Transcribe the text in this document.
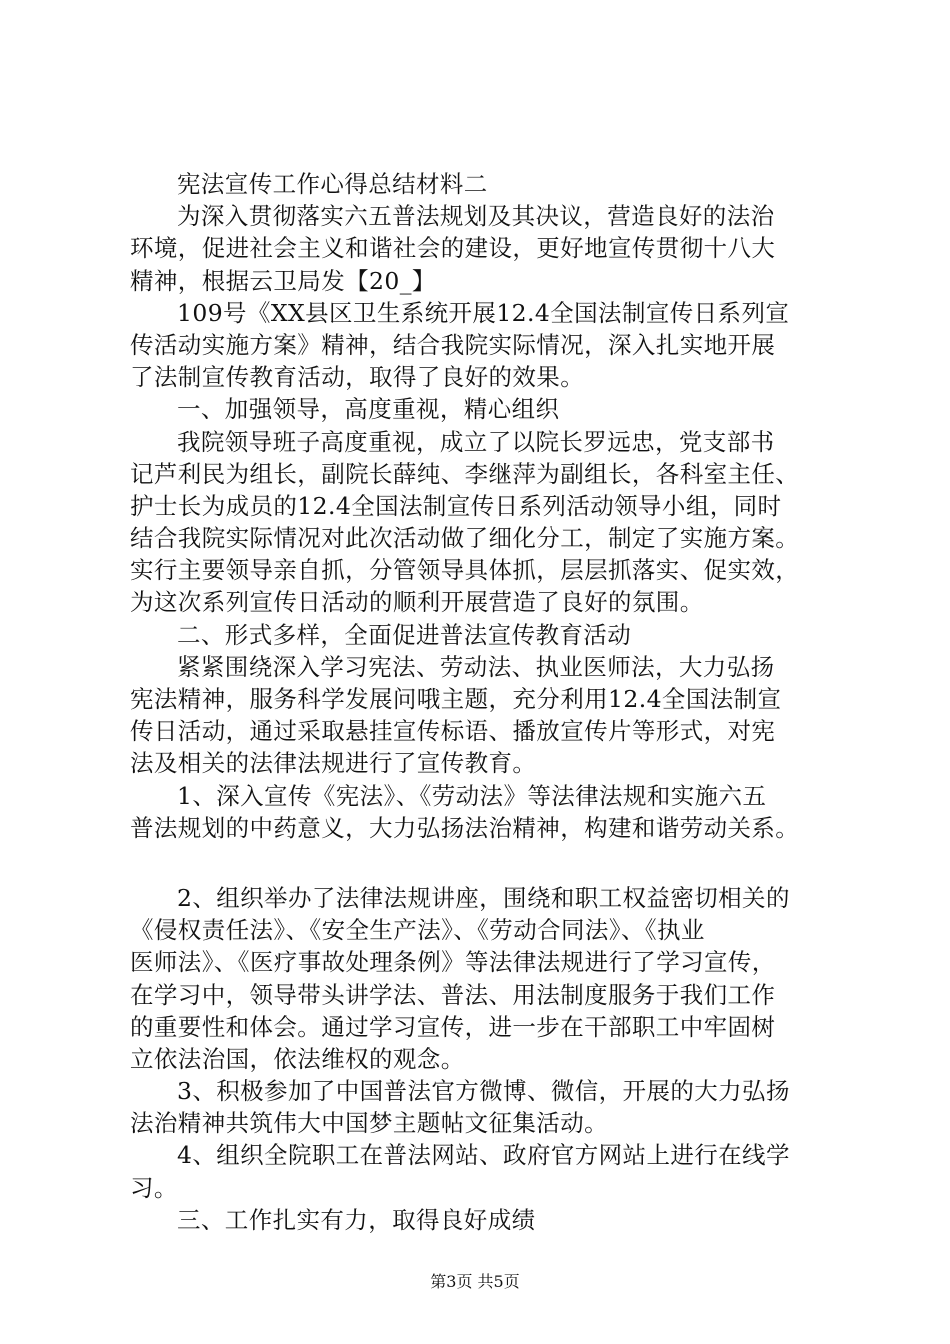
宪法宣传工作心得总结材料二
为深入贯彻落实六五普法规划及其决议，营造良好的法治
环境，促进社会主义和谐社会的建设，更好地宣传贯彻十八大
精神，根据云卫局发【20_】
109号《XX县区卫生系统开展12.4全国法制宣传日系列宣
传活动实施方案》精神，结合我院实际情况，深入扎实地开展
了法制宣传教育活动，取得了良好的效果。
一、加强领导，高度重视，精心组织
我院领导班子高度重视，成立了以院长罗远忠，党支部书
记芦利民为组长，副院长薛纯、李继萍为副组长，各科室主任、
护士长为成员的12.4全国法制宣传日系列活动领导小组，同时
结合我院实际情况对此次活动做了细化分工，制定了实施方案。
实行主要领导亲自抓，分管领导具体抓，层层抓落实、促实效，
为这次系列宣传日活动的顺利开展营造了良好的氛围。
二、形式多样，全面促进普法宣传教育活动
紧紧围绕深入学习宪法、劳动法、执业医师法，大力弘扬
宪法精神，服务科学发展问哦主题，充分利用12.4全国法制宣
传日活动，通过采取悬挂宣传标语、播放宣传片等形式，对宪
法及相关的法律法规进行了宣传教育。
1、深入宣传《宪法》、《劳动法》等法律法规和实施六五
普法规划的中药意义，大力弘扬法治精神，构建和谐劳动关系。
2、组织举办了法律法规讲座，围绕和职工权益密切相关的
《侵权责任法》、《安全生产法》、《劳动合同法》、《执业
医师法》、《医疗事故处理条例》等法律法规进行了学习宣传，
在学习中，领导带头讲学法、普法、用法制度服务于我们工作
的重要性和体会。通过学习宣传，进一步在干部职工中牢固树
立依法治国，依法维权的观念。
3、积极参加了中国普法官方微博、微信，开展的大力弘扬
法治精神共筑伟大中国梦主题帖文征集活动。
4、组织全院职工在普法网站、政府官方网站上进行在线学
习。
三、工作扎实有力，取得良好成绩
第3页 共5页
